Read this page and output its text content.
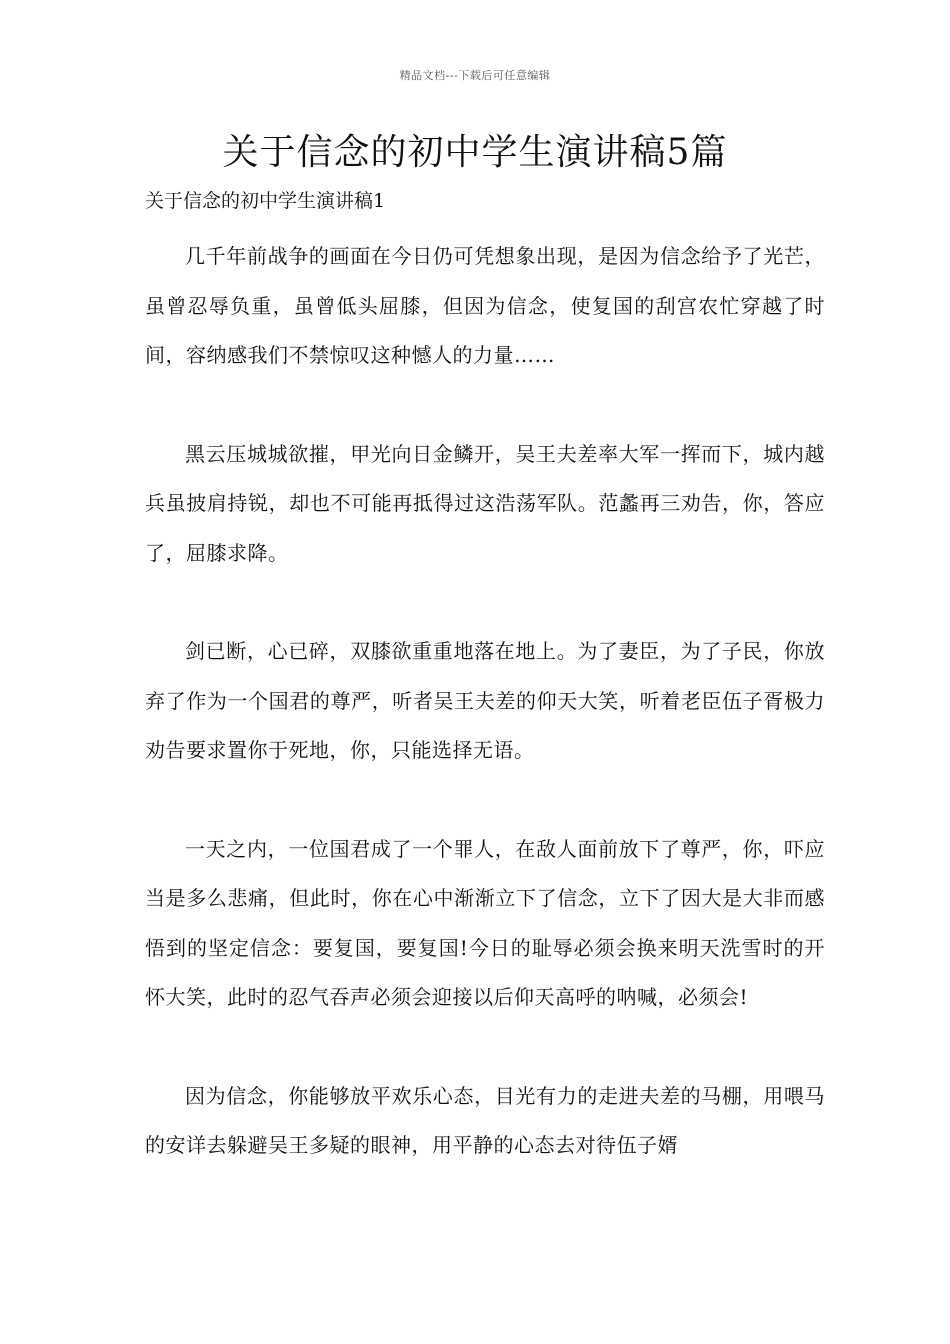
精品文档---下载后可任意编辑
关于信念的初中学生演讲稿5篇

关于信念的初中学生演讲稿1

几千年前战争的画面在今日仍可凭想象出现，是因为信念给予了光芒，虽曾忍辱负重，虽曾低头屈膝，但因为信念，使复国的刮宫农忙穿越了时间，容纳感我们不禁惊叹这种憾人的力量……

黑云压城城欲摧，甲光向日金鳞开，吴王夫差率大军一挥而下，城内越兵虽披肩持锐，却也不可能再抵得过这浩荡军队。范蠡再三劝告，你，答应了，屈膝求降。

剑已断，心已碎，双膝欲重重地落在地上。为了妻臣，为了子民，你放弃了作为一个国君的尊严，听者吴王夫差的仰天大笑，听着老臣伍子胥极力劝告要求置你于死地，你，只能选择无语。

一天之内，一位国君成了一个罪人，在敌人面前放下了尊严，你，吓应当是多么悲痛，但此时，你在心中渐渐立下了信念，立下了因大是大非而感悟到的坚定信念：要复国，要复国!今日的耻辱必须会换来明天洗雪时的开怀大笑，此时的忍气吞声必须会迎接以后仰天高呼的呐喊，必须会!

因为信念，你能够放平欢乐心态，目光有力的走进夫差的马棚，用喂马的安详去躲避吴王多疑的眼神，用平静的心态去对待伍子婿
